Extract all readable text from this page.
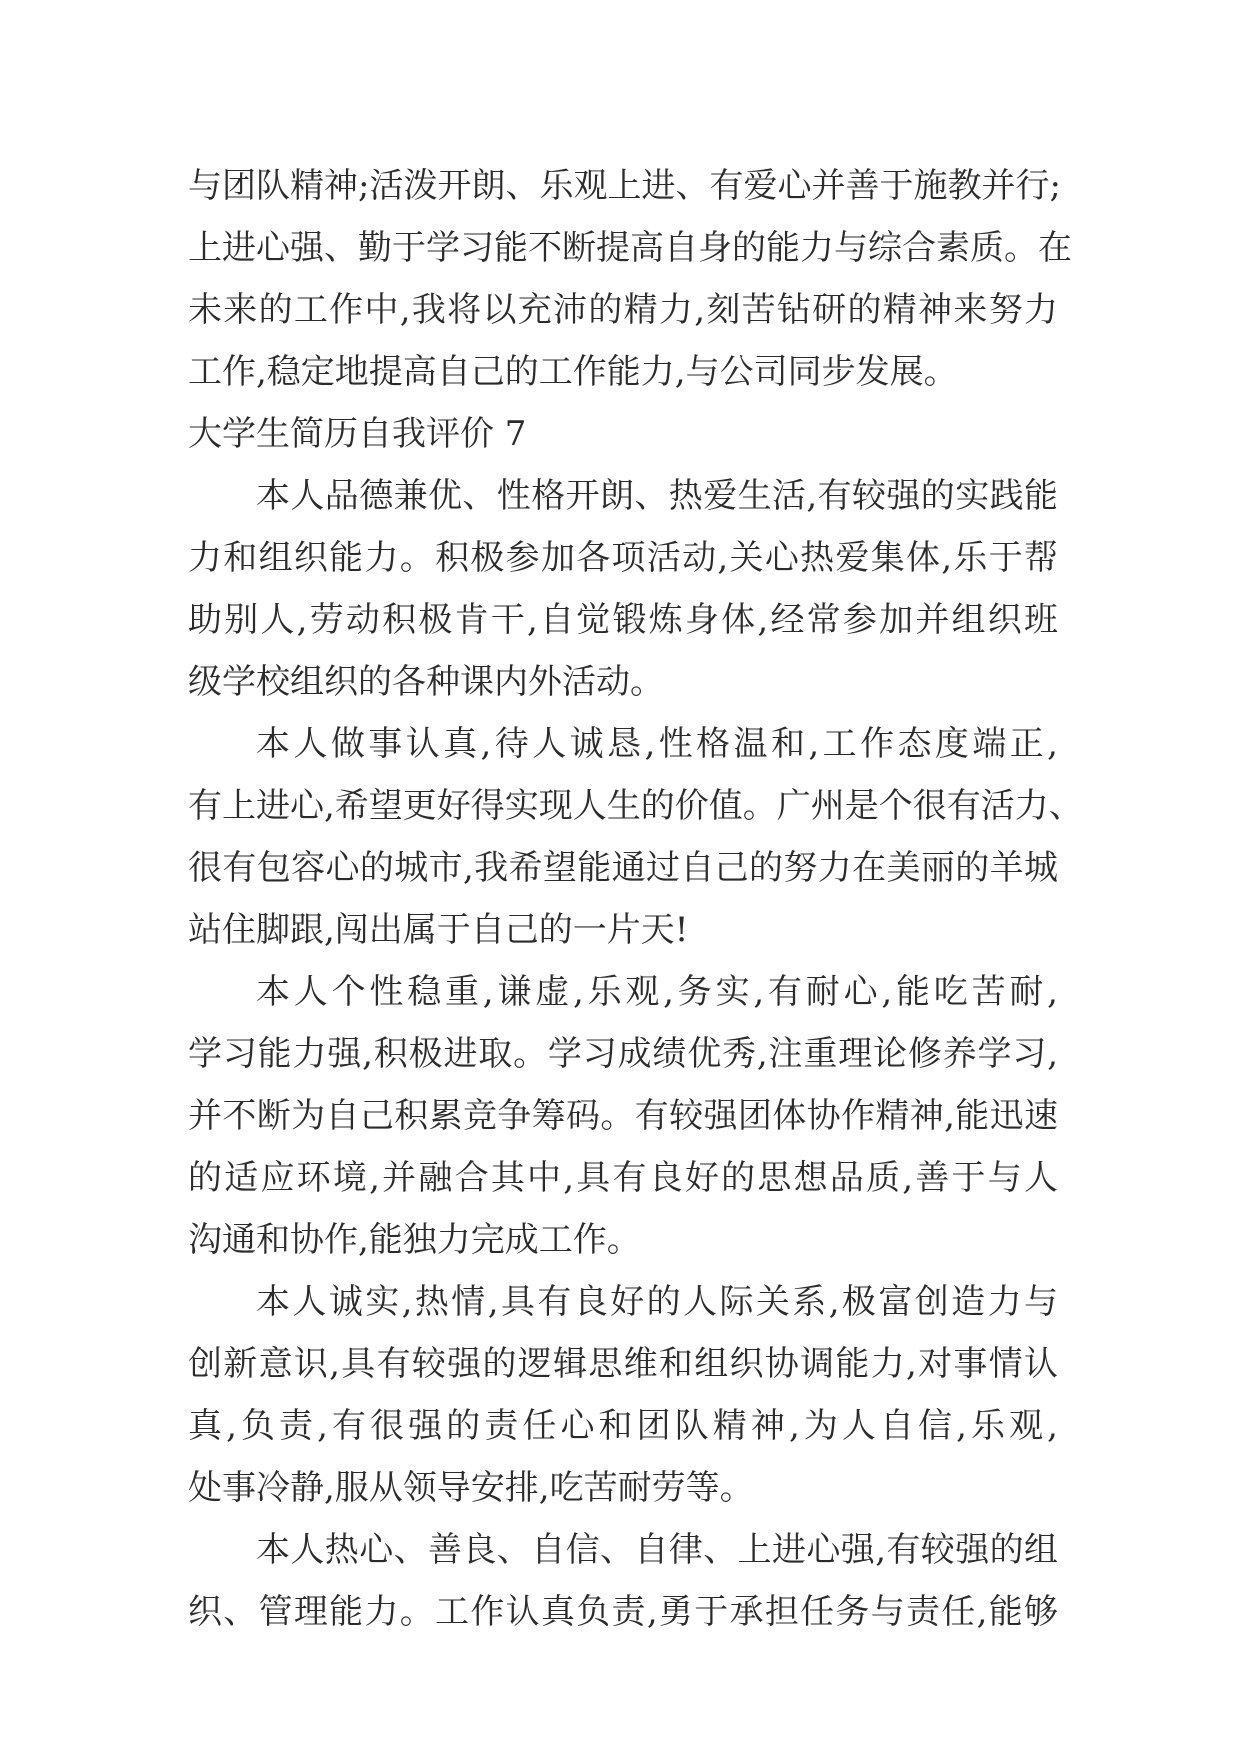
与团队精神;活泼开朗、乐观上进、有爱心并善于施教并行;
上进心强、勤于学习能不断提高自身的能力与综合素质。在
未来的工作中,我将以充沛的精力,刻苦钻研的精神来努力
工作,稳定地提高自己的工作能力,与公司同步发展。
大学生简历自我评价 7
本人品德兼优、性格开朗、热爱生活,有较强的实践能
力和组织能力。积极参加各项活动,关心热爱集体,乐于帮
助别人,劳动积极肯干,自觉锻炼身体,经常参加并组织班
级学校组织的各种课内外活动。
本人做事认真,待人诚恳,性格温和,工作态度端正,
有上进心,希望更好得实现人生的价值。广州是个很有活力、
很有包容心的城市,我希望能通过自己的努力在美丽的羊城
站住脚跟,闯出属于自己的一片天!
本人个性稳重,谦虚,乐观,务实,有耐心,能吃苦耐,
学习能力强,积极进取。学习成绩优秀,注重理论修养学习,
并不断为自己积累竞争筹码。有较强团体协作精神,能迅速
的适应环境,并融合其中,具有良好的思想品质,善于与人
沟通和协作,能独力完成工作。
本人诚实,热情,具有良好的人际关系,极富创造力与
创新意识,具有较强的逻辑思维和组织协调能力,对事情认
真,负责,有很强的责任心和团队精神,为人自信,乐观,
处事冷静,服从领导安排,吃苦耐劳等。
本人热心、善良、自信、自律、上进心强,有较强的组
织、管理能力。工作认真负责,勇于承担任务与责任,能够
